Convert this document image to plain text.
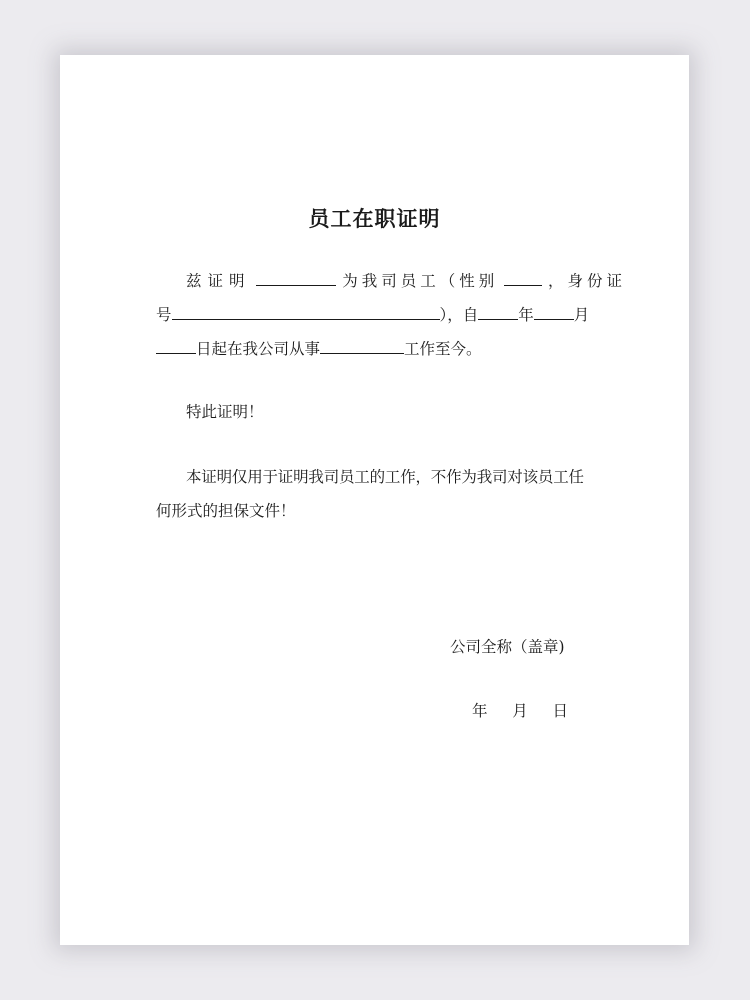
员工在职证明
兹证明	为我司员工（性别	，身份证
号	），自	年	月
日起在我公司从事	工作至今。
特此证明！
本证明仅用于证明我司员工的工作，不作为我司对该员工任
何形式的担保文件！
公司全称（盖章)
年 月 日
